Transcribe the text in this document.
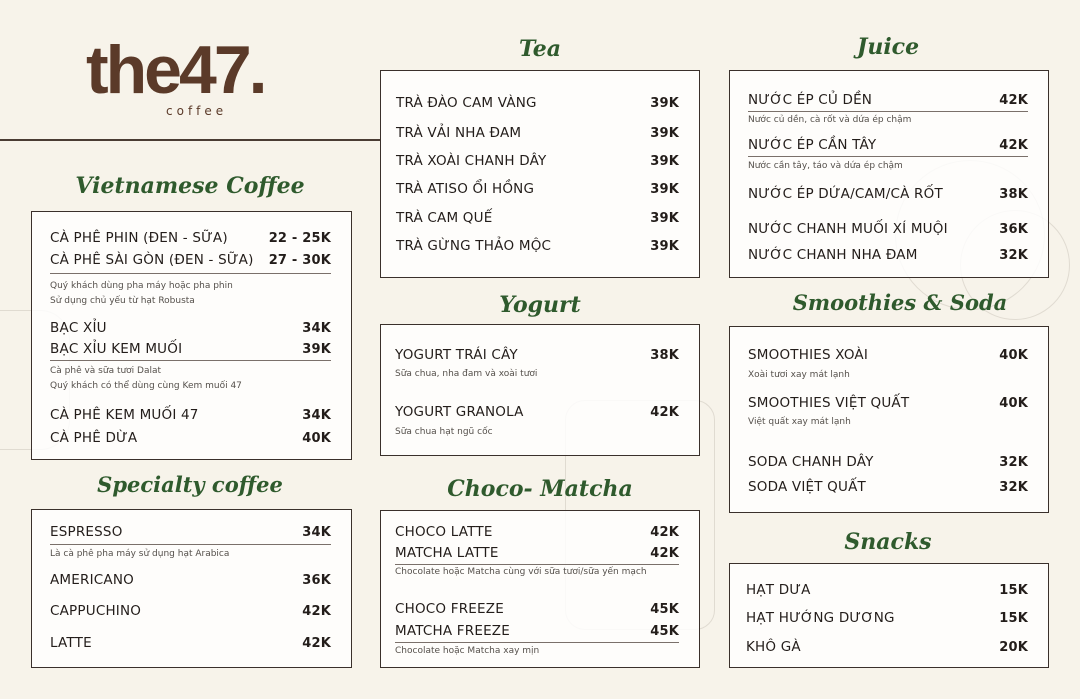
the47.
coffee
Vietnamese Coffee
CÀ PHÊ PHIN (ĐEN - SỮA)	22 - 25K
CÀ PHÊ SÀI GÒN (ĐEN - SỮA) 27 - 30K
Quý khách dùng pha máy hoặc pha phin
Sử dụng chủ yếu từ hạt Robusta
BẠC XỈU	34K
BẠC XỈU KEM MUỐI	39K
Cà phê và sữa tươi Dalat
Quý khách có thể dùng cùng Kem muối 47
CÀ PHÊ KEM MUỐI 47	34K
CÀ PHÊ DỪA	40K
Specialty coffee
ESPRESSO	34K
Là cà phê pha máy sử dụng hạt Arabica
AMERICANO	36K
CAPPUCHINO	42K
LATTE	42K
Tea
TRÀ ĐÀO CAM VÀNG	39K
TRÀ VẢI NHA ĐAM	39K
TRÀ XOÀI CHANH DÂY	39K
TRÀ ATISO ỔI HỒNG	39K
TRÀ CAM QUẾ	39K
TRÀ GỪNG THẢO MỘC	39K
Yogurt
YOGURT TRÁI CÂY	38K
Sữa chua, nha đam và xoài tươi
YOGURT GRANOLA	42K
Sữa chua hạt ngũ cốc
Choco- Matcha
CHOCO LATTE	42K
MATCHA LATTE	42K
Chocolate hoặc Matcha cùng với sữa tươi/sữa yến mạch
CHOCO FREEZE	45K
MATCHA FREEZE	45K
Chocolate hoặc Matcha xay mịn
Juice
NƯỚC ÉP CỦ DỀN	42K
Nước củ dền, cà rốt và dứa ép chậm
NƯỚC ÉP CẦN TÂY	42K
Nước cần tây, táo và dứa ép chậm
NƯỚC ÉP DỨA/CAM/CÀ RỐT	38K
NƯỚC CHANH MUỐI XÍ MUỘI	36K
NƯỚC CHANH NHA ĐAM	32K
Smoothies & Soda
SMOOTHIES XOÀI	40K
Xoài tươi xay mát lạnh
SMOOTHIES VIỆT QUẤT	40K
Việt quất xay mát lạnh
SODA CHANH DÂY	32K
SODA VIỆT QUẤT	32K
Snacks
HẠT DƯA	15K
HẠT HƯỚNG DƯƠNG	15K
KHÔ GÀ	20K
